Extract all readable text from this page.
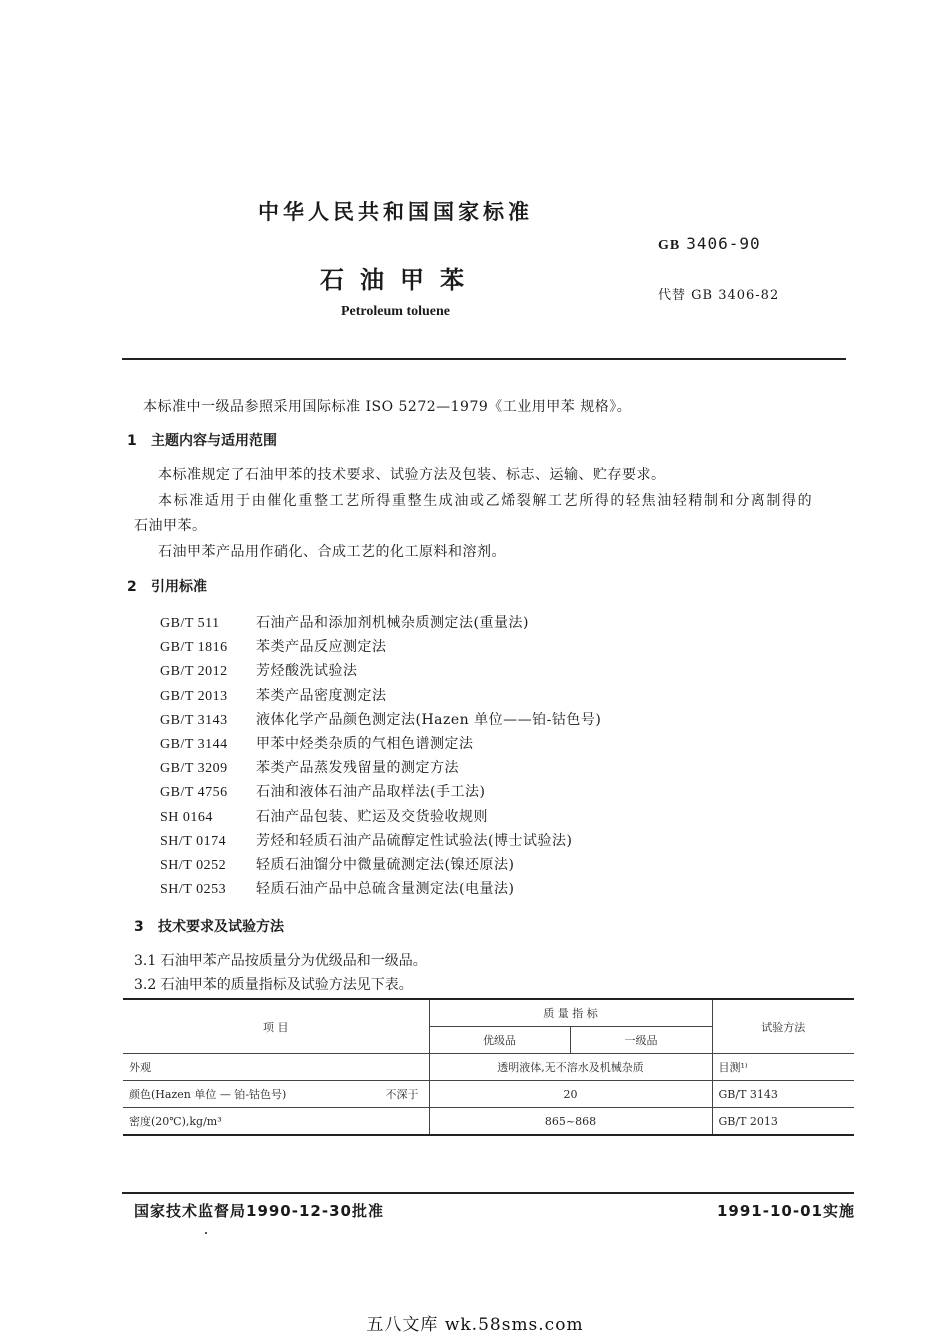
中华人民共和国国家标准
GB 3406-90
石油甲苯
代替 GB 3406-82
Petroleum toluene
本标准中一级品参照采用国际标准 ISO 5272—1979《工业用甲苯 规格》。
1 主题内容与适用范围
本标准规定了石油甲苯的技术要求、试验方法及包装、标志、运输、贮存要求。
本标准适用于由催化重整工艺所得重整生成油或乙烯裂解工艺所得的轻焦油轻精制和分离制得的
石油甲苯。
石油甲苯产品用作硝化、合成工艺的化工原料和溶剂。
2 引用标准
GB/T 511	石油产品和添加剂机械杂质测定法(重量法)
GB/T 1816 苯类产品反应测定法
GB/T 2012 芳烃酸洗试验法
GB/T 2013 苯类产品密度测定法
GB/T 3143 液体化学产品颜色测定法(Hazen 单位——铂-钴色号)
GB/T 3144 甲苯中烃类杂质的气相色谱测定法
GB/T 3209 苯类产品蒸发残留量的测定方法
GB/T 4756 石油和液体石油产品取样法(手工法)
SH 0164	石油产品包装、贮运及交货验收规则
SH/T 0174 芳烃和轻质石油产品硫醇定性试验法(博士试验法)
SH/T 0252 轻质石油馏分中微量硫测定法(镍还原法)
SH/T 0253 轻质石油产品中总硫含量测定法(电量法)
3 技术要求及试验方法
3.1 石油甲苯产品按质量分为优级品和一级品。
3.2 石油甲苯的质量指标及试验方法见下表。
项 目	质 量 指 标		试验方法
	优级品	一级品	
外观	透明液体,无不溶水及机械杂质		目测¹⁾
颜色(Hazen 单位 — 铂-钴色号) 不深于	20		GB/T 3143
密度(20℃),kg/m³	865~868		GB/T 2013
国家技术监督局1990-12-30批准	1991-10-01实施
五八文库 wk.58sms.com
